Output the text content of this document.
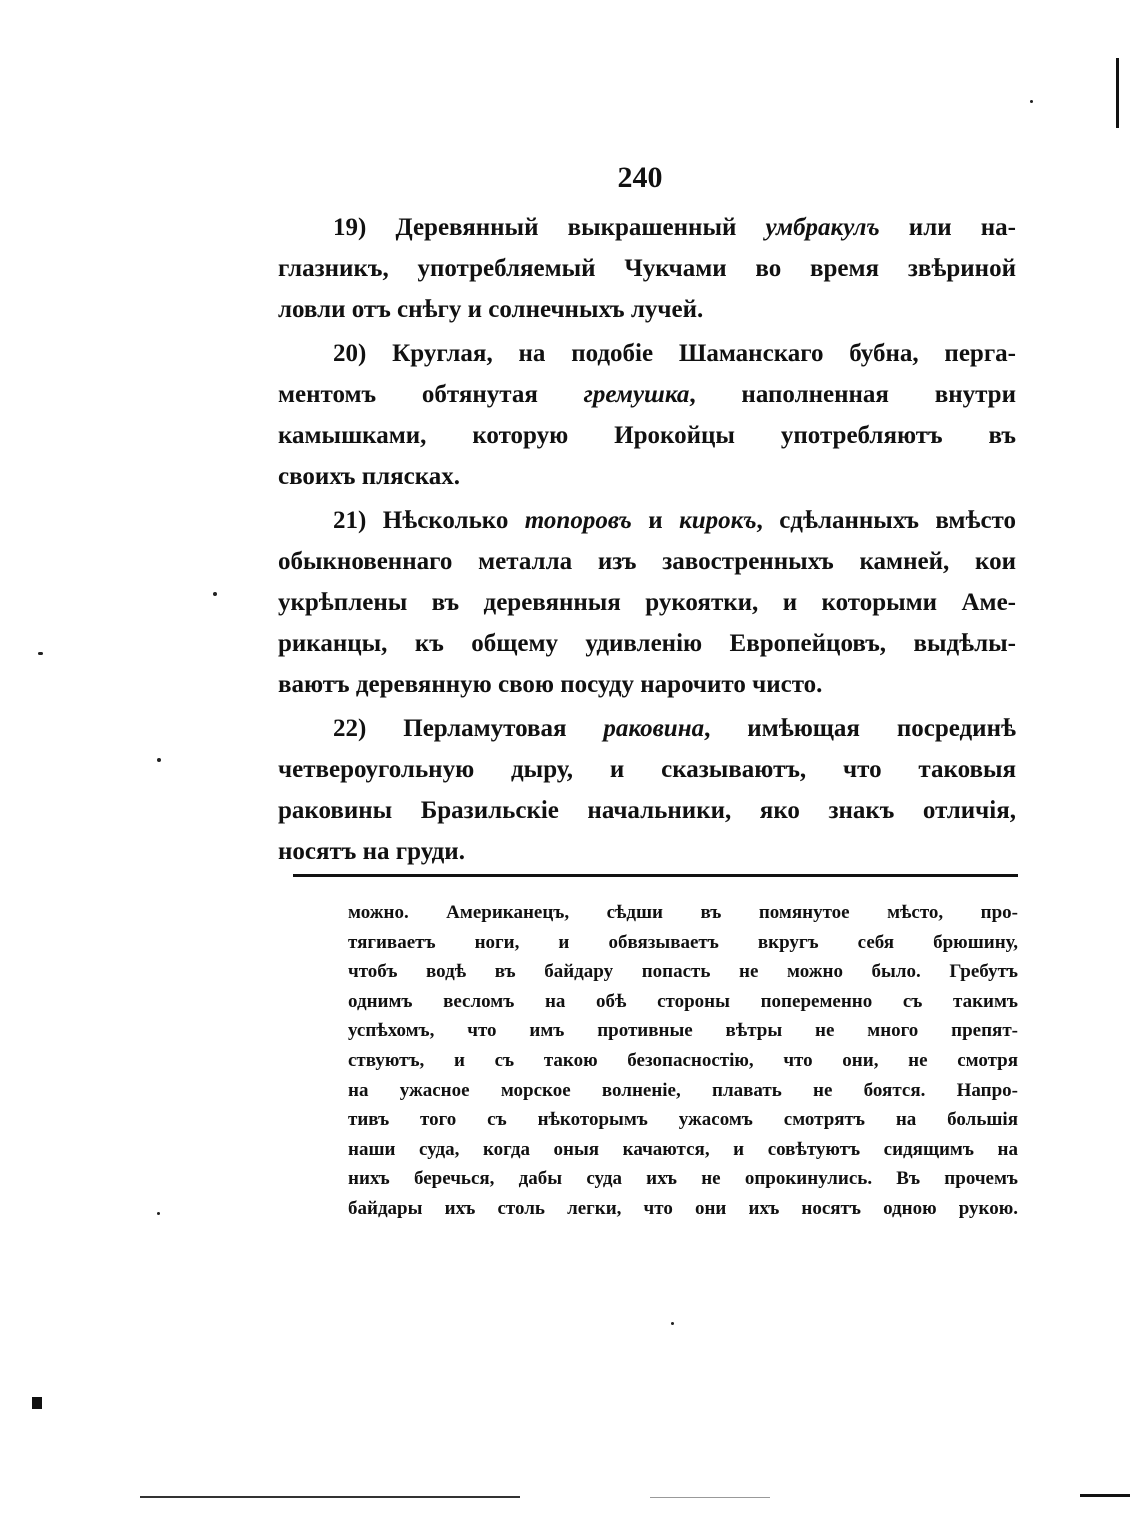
240
19) Деревянный выкрашенный умбракулъ или на-
глазникъ, употребляемый Чукчами во время звѣриной
ловли отъ снѣгу и солнечныхъ лучей.
20) Круглая, на подобіе Шаманскаго бубна, перга-
ментомъ обтянутая гремушка, наполненная внутри
камышками, которую Ирокойцы употребляютъ въ
своихъ плясках.
21) Нѣсколько топоровъ и кирокъ, сдѣланныхъ вмѣсто
обыкновеннаго металла изъ завостренныхъ камней, кои
укрѣплены въ деревянныя рукоятки, и которыми Аме-
риканцы, къ общему удивленію Европейцовъ, выдѣлы-
ваютъ деревянную свою посуду нарочито чисто.
22) Перламутовая раковина, имѣющая посрединѣ
четвероугольную дыру, и сказываютъ, что таковыя
раковины Бразильскіе начальники, яко знакъ отличія,
носятъ на груди.
можно. Американецъ, сѣдши въ помянутое мѣсто, про-
тягиваетъ ноги, и обвязываетъ вкругъ себя брюшину,
чтобъ водѣ въ байдару попасть не можно было. Гребутъ
однимъ весломъ на обѣ стороны попеременно съ такимъ
успѣхомъ, что имъ противные вѣтры не много препят-
ствуютъ, и съ такою безопасностію, что они, не смотря
на ужасное морское волненіе, плавать не боятся. Напро-
тивъ того съ нѣкоторымъ ужасомъ смотрятъ на большія
наши суда, когда оныя качаются, и совѣтуютъ сидящимъ на
нихъ беречься, дабы суда ихъ не опрокинулись. Въ прочемъ
байдары ихъ столь легки, что они ихъ носятъ одною рукою.
